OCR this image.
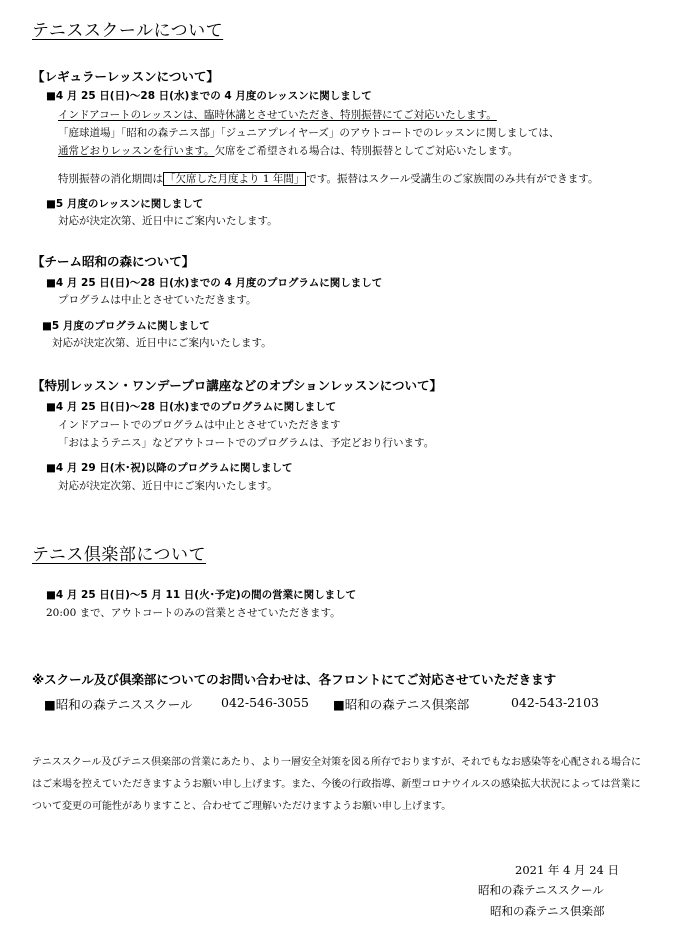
テニススクールについて
【レギュラーレッスンについて】
■4 月 25 日(日)～28 日(水)までの 4 月度のレッスンに関しまして
インドアコートのレッスンは、臨時休講とさせていただき、特別振替にてご対応いたします。
「庭球道場」「昭和の森テニス部」「ジュニアプレイヤーズ」のアウトコートでのレッスンに関しましては、
通常どおりレッスンを行います。欠席をご希望される場合は、特別振替としてご対応いたします。
特別振替の消化期間は 「欠席した月度より 1 年間」 です。振替はスクール受講生のご家族間のみ共有ができます。
■5 月度のレッスンに関しまして
対応が決定次第、近日中にご案内いたします。
【チーム昭和の森について】
■4 月 25 日(日)～28 日(水)までの 4 月度のプログラムに関しまして
プログラムは中止とさせていただきます。
■5 月度のプログラムに関しまして
対応が決定次第、近日中にご案内いたします。
【特別レッスン・ワンデープロ講座などのオプションレッスンについて】
■4 月 25 日(日)～28 日(水)までのプログラムに関しまして
インドアコートでのプログラムは中止とさせていただきます
「おはようテニス」などアウトコートでのプログラムは、予定どおり行います。
■4 月 29 日(木･祝)以降のプログラムに関しまして
対応が決定次第、近日中にご案内いたします。
テニス倶楽部について
■4 月 25 日(日)～5 月 11 日(火･予定)の間の営業に関しまして
20:00 まで、アウトコートのみの営業とさせていただきます。
※スクール及び倶楽部についてのお問い合わせは、各フロントにてご対応させていただきます
■昭和の森テニススクール 042-546-3055 ■昭和の森テニス倶楽部	042-543-2103
テニススクール及びテニス倶楽部の営業にあたり、より一層安全対策を図る所存でおりますが、それでもなお感染等を心配される場合にはご来場を控えていただきますようお願い申し上げます。また、今後の行政指導、新型コロナウイルスの感染拡大状況によっては営業について変更の可能性がありますこと、合わせてご理解いただけますようお願い申し上げます。
2021 年 4 月 24 日
昭和の森テニススクール
昭和の森テニス倶楽部
